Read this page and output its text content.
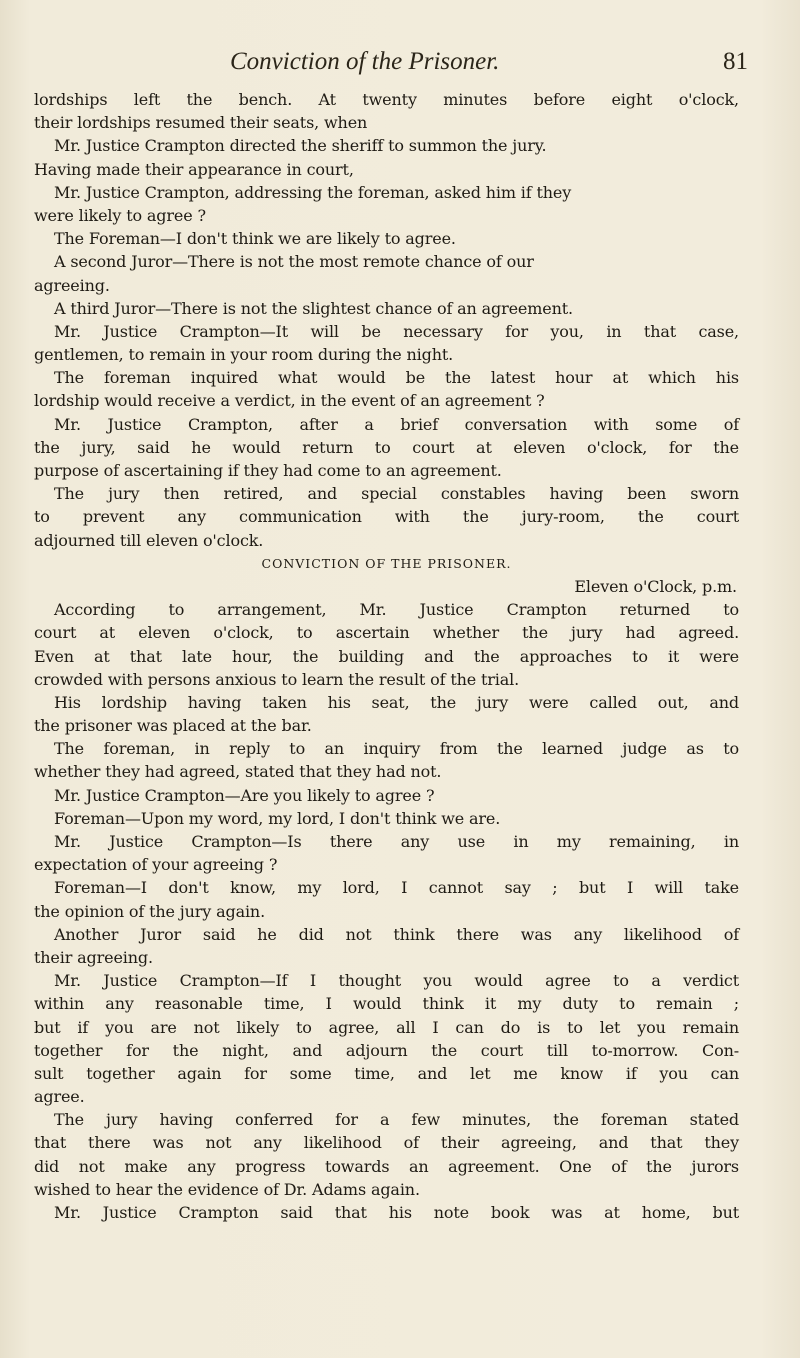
Conviction of the Prisoner.	81
lordships left the bench. At twenty minutes before eight o'clock,
their lordships resumed their seats, when
Mr. Justice Crampton directed the sheriff to summon the jury.
Having made their appearance in court,
Mr. Justice Crampton, addressing the foreman, asked him if they
were likely to agree ?
The Foreman—I don't think we are likely to agree.
A second Juror—There is not the most remote chance of our
agreeing.
A third Juror—There is not the slightest chance of an agreement.
Mr. Justice Crampton—It will be necessary for you, in that case,
gentlemen, to remain in your room during the night.
The foreman inquired what would be the latest hour at which his
lordship would receive a verdict, in the event of an agreement ?
Mr. Justice Crampton, after a brief conversation with some of
the jury, said he would return to court at eleven o'clock, for the
purpose of ascertaining if they had come to an agreement.
The jury then retired, and special constables having been sworn
to prevent any communication with the jury-room, the court
adjourned till eleven o'clock.
CONVICTION OF THE PRISONER.
Eleven o'Clock, p.m.
According to arrangement, Mr. Justice Crampton returned to
court at eleven o'clock, to ascertain whether the jury had agreed.
Even at that late hour, the building and the approaches to it were
crowded with persons anxious to learn the result of the trial.
His lordship having taken his seat, the jury were called out, and
the prisoner was placed at the bar.
The foreman, in reply to an inquiry from the learned judge as to
whether they had agreed, stated that they had not.
Mr. Justice Crampton—Are you likely to agree ?
Foreman—Upon my word, my lord, I don't think we are.
Mr. Justice Crampton—Is there any use in my remaining, in
expectation of your agreeing ?
Foreman—I don't know, my lord, I cannot say ; but I will take
the opinion of the jury again.
Another Juror said he did not think there was any likelihood of
their agreeing.
Mr. Justice Crampton—If I thought you would agree to a verdict
within any reasonable time, I would think it my duty to remain ;
but if you are not likely to agree, all I can do is to let you remain
together for the night, and adjourn the court till to-morrow. Con-
sult together again for some time, and let me know if you can
agree.
The jury having conferred for a few minutes, the foreman stated
that there was not any likelihood of their agreeing, and that they
did not make any progress towards an agreement. One of the jurors
wished to hear the evidence of Dr. Adams again.
Mr. Justice Crampton said that his note book was at home, but
